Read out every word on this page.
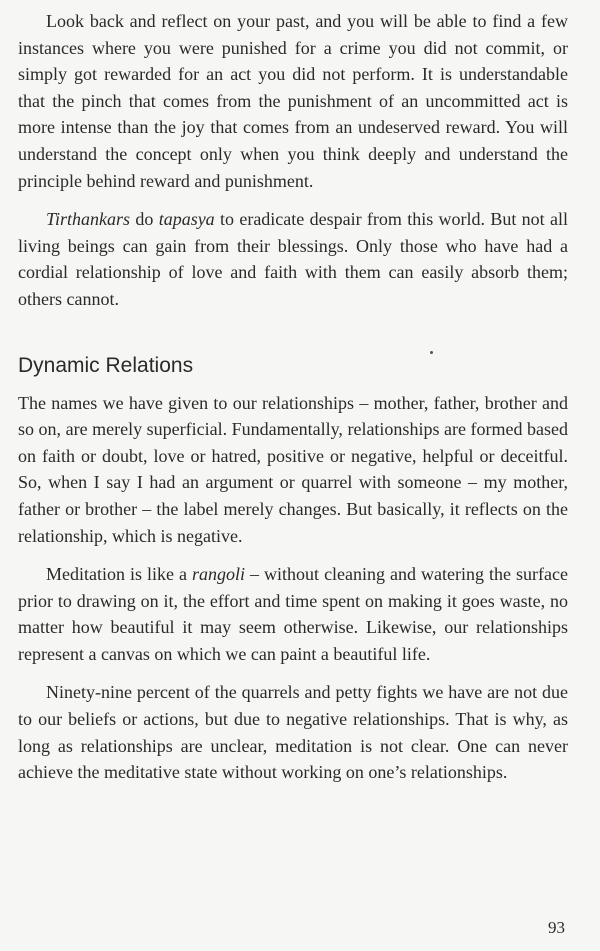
Look back and reflect on your past, and you will be able to find a few instances where you were punished for a crime you did not commit, or simply got rewarded for an act you did not perform. It is understandable that the pinch that comes from the punishment of an uncommitted act is more intense than the joy that comes from an undeserved reward. You will understand the concept only when you think deeply and understand the principle behind reward and punishment.

Tirthankars do tapasya to eradicate despair from this world. But not all living beings can gain from their blessings. Only those who have had a cordial relationship of love and faith with them can easily absorb them; others cannot.

Dynamic Relations

The names we have given to our relationships – mother, father, brother and so on, are merely superficial. Fundamentally, relationships are formed based on faith or doubt, love or hatred, positive or negative, helpful or deceitful. So, when I say I had an argument or quarrel with someone – my mother, father or brother – the label merely changes. But basically, it reflects on the relationship, which is negative.

Meditation is like a rangoli – without cleaning and watering the surface prior to drawing on it, the effort and time spent on making it goes waste, no matter how beautiful it may seem otherwise. Likewise, our relationships represent a canvas on which we can paint a beautiful life.

Ninety-nine percent of the quarrels and petty fights we have are not due to our beliefs or actions, but due to negative relationships. That is why, as long as relationships are unclear, meditation is not clear. One can never achieve the meditative state without working on one’s relationships.

93
